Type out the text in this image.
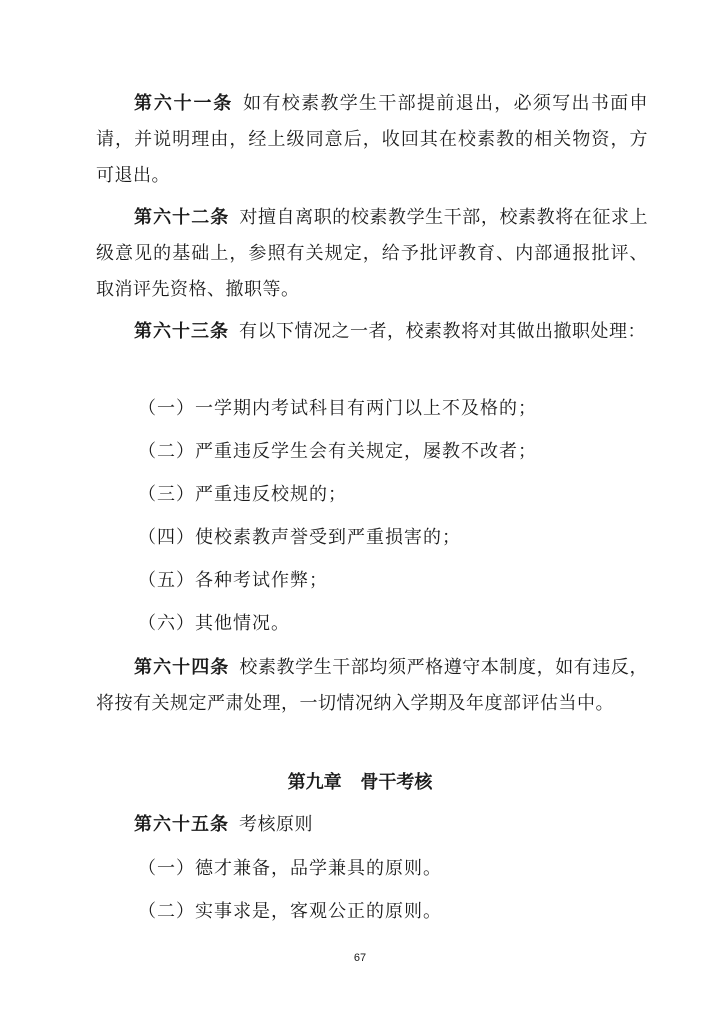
第六十一条 如有校素教学生干部提前退出，必须写出书面申请，并说明理由，经上级同意后，收回其在校素教的相关物资，方可退出。

第六十二条 对擅自离职的校素教学生干部，校素教将在征求上级意见的基础上，参照有关规定，给予批评教育、内部通报批评、取消评先资格、撤职等。

第六十三条 有以下情况之一者，校素教将对其做出撤职处理：

（一）一学期内考试科目有两门以上不及格的；
（二）严重违反学生会有关规定，屡教不改者；
（三）严重违反校规的；
（四）使校素教声誉受到严重损害的；
（五）各种考试作弊；
（六）其他情况。

第六十四条 校素教学生干部均须严格遵守本制度，如有违反，将按有关规定严肃处理，一切情况纳入学期及年度部评估当中。

第九章   骨干考核

第六十五条 考核原则

（一）德才兼备，品学兼具的原则。
（二）实事求是，客观公正的原则。
67
